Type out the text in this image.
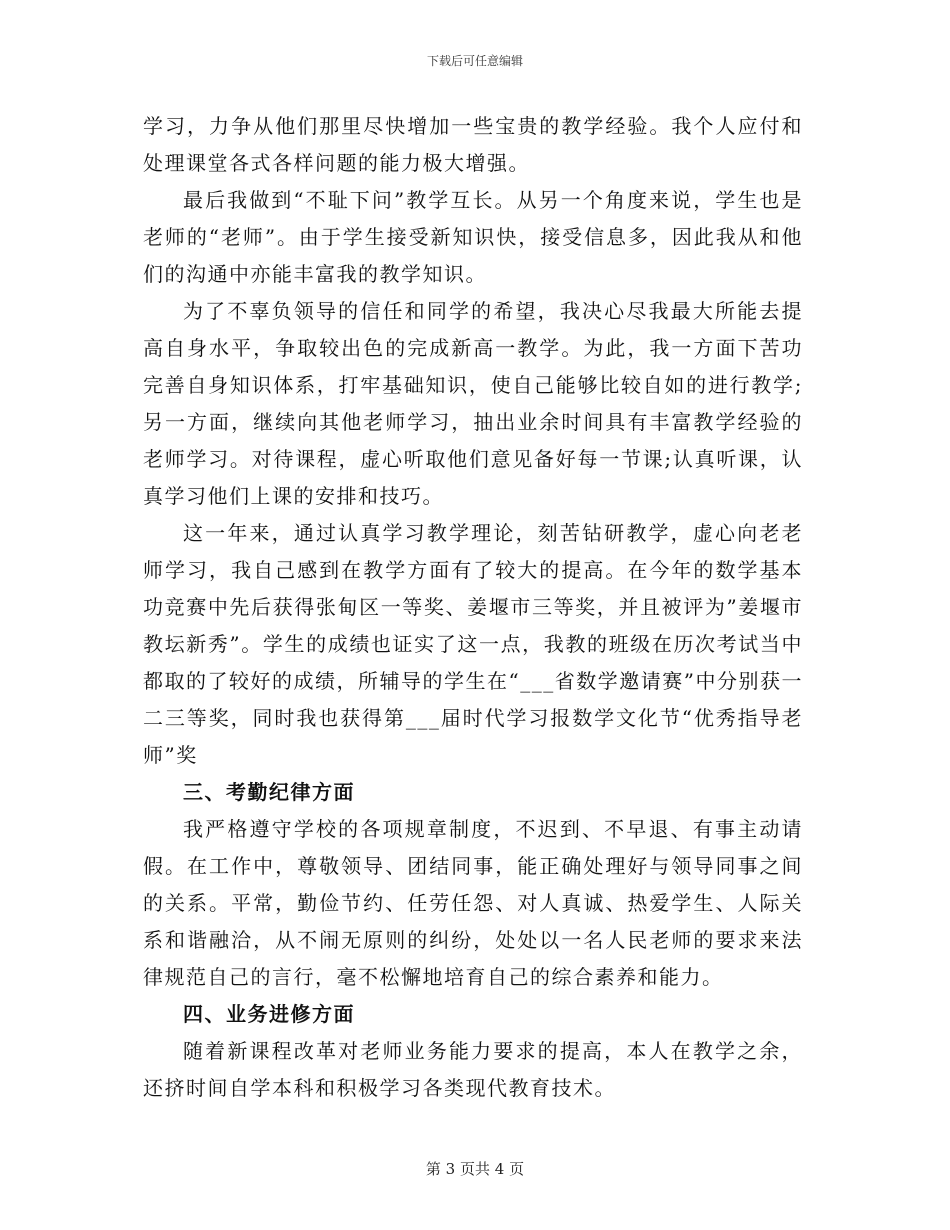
下载后可任意编辑

学习，力争从他们那里尽快增加一些宝贵的教学经验。我个人应付和处理课堂各式各样问题的能力极大增强。

最后我做到“不耻下问”教学互长。从另一个角度来说，学生也是老师的“老师”。由于学生接受新知识快，接受信息多，因此我从和他们的沟通中亦能丰富我的教学知识。

为了不辜负领导的信任和同学的希望，我决心尽我最大所能去提高自身水平，争取较出色的完成新高一教学。为此，我一方面下苦功完善自身知识体系，打牢基础知识，使自己能够比较自如的进行教学;另一方面，继续向其他老师学习，抽出业余时间具有丰富教学经验的老师学习。对待课程，虚心听取他们意见备好每一节课;认真听课，认真学习他们上课的安排和技巧。

这一年来，通过认真学习教学理论，刻苦钻研教学，虚心向老老师学习，我自己感到在教学方面有了较大的提高。在今年的数学基本功竞赛中先后获得张甸区一等奖、姜堰市三等奖，并且被评为”姜堰市教坛新秀”。学生的成绩也证实了这一点，我教的班级在历次考试当中都取的了较好的成绩，所辅导的学生在“___省数学邀请赛”中分别获一二三等奖，同时我也获得第___届时代学习报数学文化节“优秀指导老师”奖

三、考勤纪律方面

我严格遵守学校的各项规章制度，不迟到、不早退、有事主动请假。在工作中，尊敬领导、团结同事，能正确处理好与领导同事之间的关系。平常，勤俭节约、任劳任怨、对人真诚、热爱学生、人际关系和谐融洽，从不闹无原则的纠纷，处处以一名人民老师的要求来法律规范自己的言行，毫不松懈地培育自己的综合素养和能力。

四、业务进修方面

随着新课程改革对老师业务能力要求的提高，本人在教学之余，还挤时间自学本科和积极学习各类现代教育技术。

第 3 页共 4 页
